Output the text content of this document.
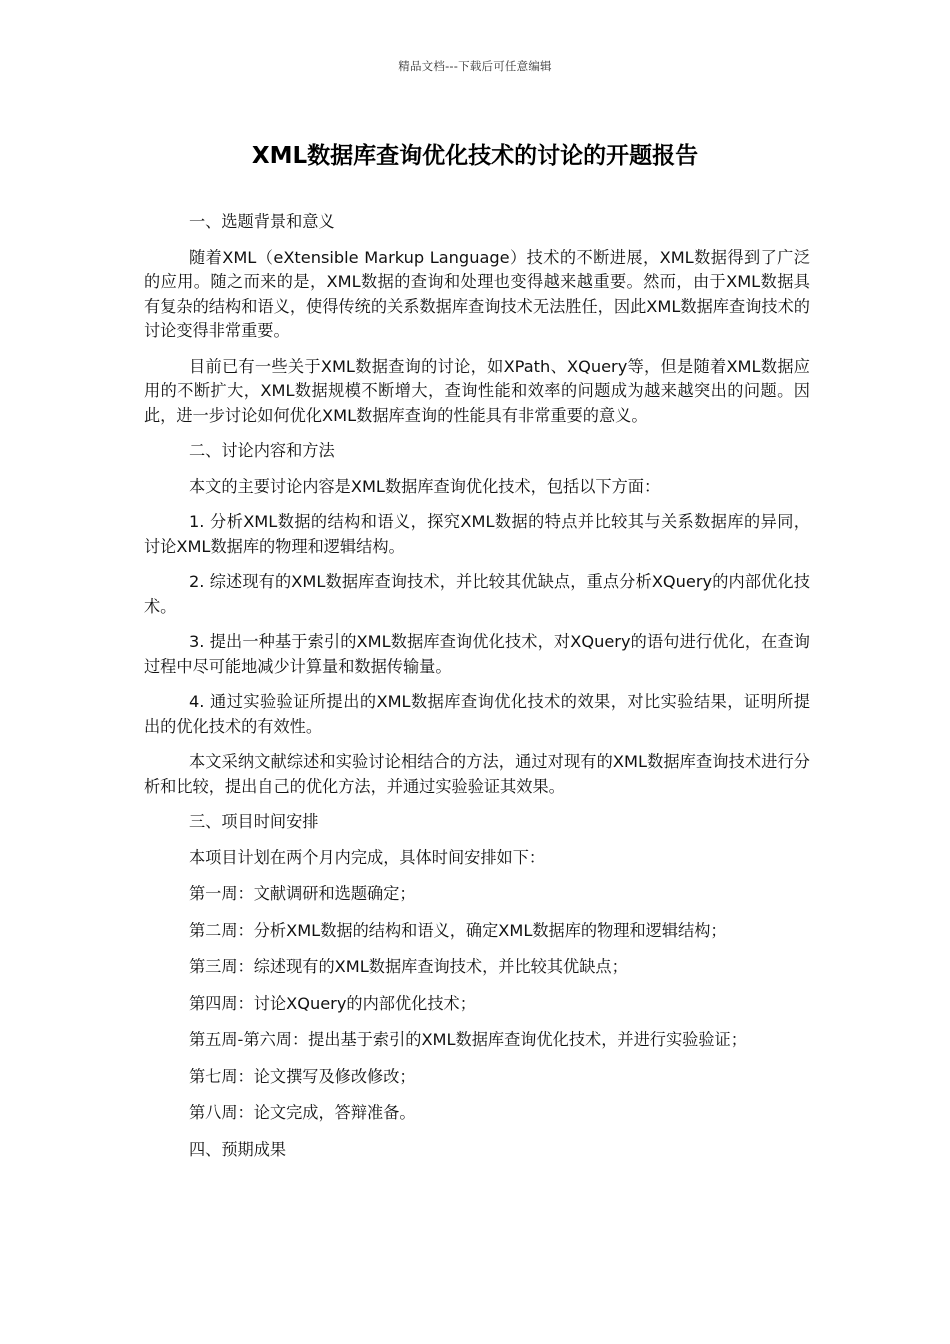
精品文档---下载后可任意编辑
XML数据库查询优化技术的讨论的开题报告

一、选题背景和意义

随着XML（eXtensible Markup Language）技术的不断进展，XML数据得到了广泛的应用。随之而来的是，XML数据的查询和处理也变得越来越重要。然而，由于XML数据具有复杂的结构和语义，使得传统的关系数据库查询技术无法胜任，因此XML数据库查询技术的讨论变得非常重要。

目前已有一些关于XML数据查询的讨论，如XPath、XQuery等，但是随着XML数据应用的不断扩大，XML数据规模不断增大，查询性能和效率的问题成为越来越突出的问题。因此，进一步讨论如何优化XML数据库查询的性能具有非常重要的意义。

二、讨论内容和方法

本文的主要讨论内容是XML数据库查询优化技术，包括以下方面：

1. 分析XML数据的结构和语义，探究XML数据的特点并比较其与关系数据库的异同，讨论XML数据库的物理和逻辑结构。

2. 综述现有的XML数据库查询技术，并比较其优缺点，重点分析XQuery的内部优化技术。

3. 提出一种基于索引的XML数据库查询优化技术，对XQuery的语句进行优化，在查询过程中尽可能地减少计算量和数据传输量。

4. 通过实验验证所提出的XML数据库查询优化技术的效果，对比实验结果，证明所提出的优化技术的有效性。

本文采纳文献综述和实验讨论相结合的方法，通过对现有的XML数据库查询技术进行分析和比较，提出自己的优化方法，并通过实验验证其效果。

三、项目时间安排

本项目计划在两个月内完成，具体时间安排如下：

第一周：文献调研和选题确定；

第二周：分析XML数据的结构和语义，确定XML数据库的物理和逻辑结构；

第三周：综述现有的XML数据库查询技术，并比较其优缺点；

第四周：讨论XQuery的内部优化技术；

第五周-第六周：提出基于索引的XML数据库查询优化技术，并进行实验验证；

第七周：论文撰写及修改修改；

第八周：论文完成，答辩准备。

四、预期成果
